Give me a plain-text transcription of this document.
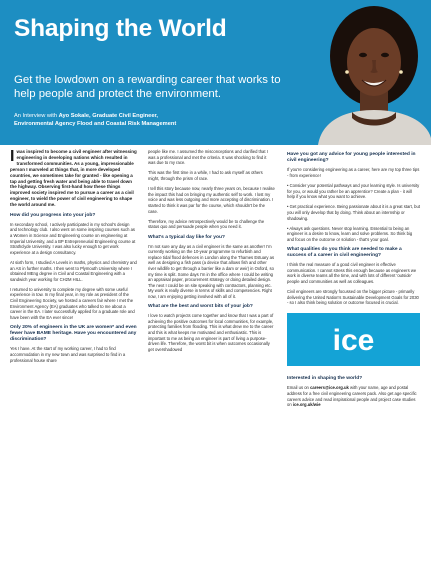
Shaping the World
Get the lowdown on a rewarding career that works to help people and protect the environment.
An Interview with Ayo Sokale, Graduate Civil Engineer,
Environmental Agency Flood and Coastal Risk Management

Iwas inspired to become a civil engineer after witnessing engineering in developing nations which resulted in transformed communities. As a young, impressionable person I marveled at things that, in more developed countries, we sometimes take for granted - like opening a tap and getting fresh water and being able to travel down the highway. Observing first-hand how these things improved society inspired me to pursue a career as a civil engineer, to wield the power of civil engineering to shape the world around me.

How did you progress into your job?

In secondary school, I actively participated in my school's design and technology club. I also went on some inspiring courses such as a Women in Science and Engineering course on engineering at Imperial University, and a BP Entrepreneurial Engineering course at Strathclyde University. I was also lucky enough to get work experience at a design consultancy.

At sixth form, I studied A Levels in maths, physics and chemistry and an AS in further maths. I then went to Plymouth University where I obtained MEng degree in Civil and Coastal Engineering with a sandwich year working for CH2M HILL.

I returned to university to complete my degree with some useful experience in tow. In my final year, in my role as president of the Civil Engineering Society, we hosted a careers fair where I met the Environment Agency (EA) graduates who talked to me about a career in the EA. I later successfully applied for a graduate role and have been with the EA ever since!

Only 20% of engineers in the UK are women* and even fewer have BAME heritage. Have you encountered any discrimination?

Yes I have. At the start of my working career, I had to find accommodation in my new town and was surprised to find in a professional house share

people like me. I assumed the misconceptions and clarified that I was a professional and met the criteria. It was shocking to find it was due to my race.

This was the first time in a while, I had to ask myself as others might, through the prism of race.

I tell this story because now, nearly three years on, because I realise the impact this had on bringing my authentic self to work. I lost my voice and was less outgoing and more accepting of discrimination. I started to think it was par for the course, which shouldn't be the case.

Therefore, my advice retrospectively would be to challenge the status quo and persuade people when you need it.

What's a typical day like for you?

I'm not sure any day as a civil engineer is the same as another! I'm currently working on the 10-year programme to refurbish and replace tidal flood defences in London along the Thames Estuary as well as designing a fish pass (a device that allows fish and other river wildlife to get through a barrier like a dam or weir) in Oxford, so my time is split. Some days I'm in the office where I could be writing an appraisal paper, procurement strategy or doing detailed design. The next I could be on site speaking with contractors, planning etc. My work is really diverse in terms of skills and competencies. Right now, I am enjoying getting involved with all of it.

What are the best and worst bits of your job?

I love to watch projects come together and know that I was a part of achieving the positive outcomes for local communities, for example, protecting families from flooding. This is what drew me to the career and this is what keeps me motivated and enthusiastic. This is important to me as being an engineer is part of living a purpose-driven life. Therefore, the worst bit is when outcomes occasionally get overshadowed

Have you got any advice for young people interested in civil engineering?

If you're considering engineering as a career, here are my top three tips - from experience!

• Consider your potential pathways and your learning style. Is university for you, or would you rather be an apprentice? Create a plan - it will help if you know what you want to achieve.

• Get practical experience. Being passionate about it is a great start, but you will only develop that by doing. Think about an internship or shadowing.

• Always ask questions. Never stop learning. Essential to being an engineer is a desire to know, learn and solve problems. So think big and focus on the outcome or solution - that's your goal.

What qualities do you think are needed to make a success of a career in civil engineering?

I think the real measure of a good civil engineer is effective communication. I cannot stress this enough because as engineers we work in diverse teams all the time, and with lots of different 'outside' people and communities as well as colleagues.

Civil engineers are strongly focussed on the bigger picture - primarily delivering the United Nation's Sustainable Development Goals for 2030 - so I also think being solution or outcome focused is crucial.

ice
Interested in shaping the world?

Email us on careers@ice.org.uk with your name, age and postal address for a free civil engineering careers pack. Also get age specific careers advice and read inspirational people and project case studies on ice.org.uk/wie
